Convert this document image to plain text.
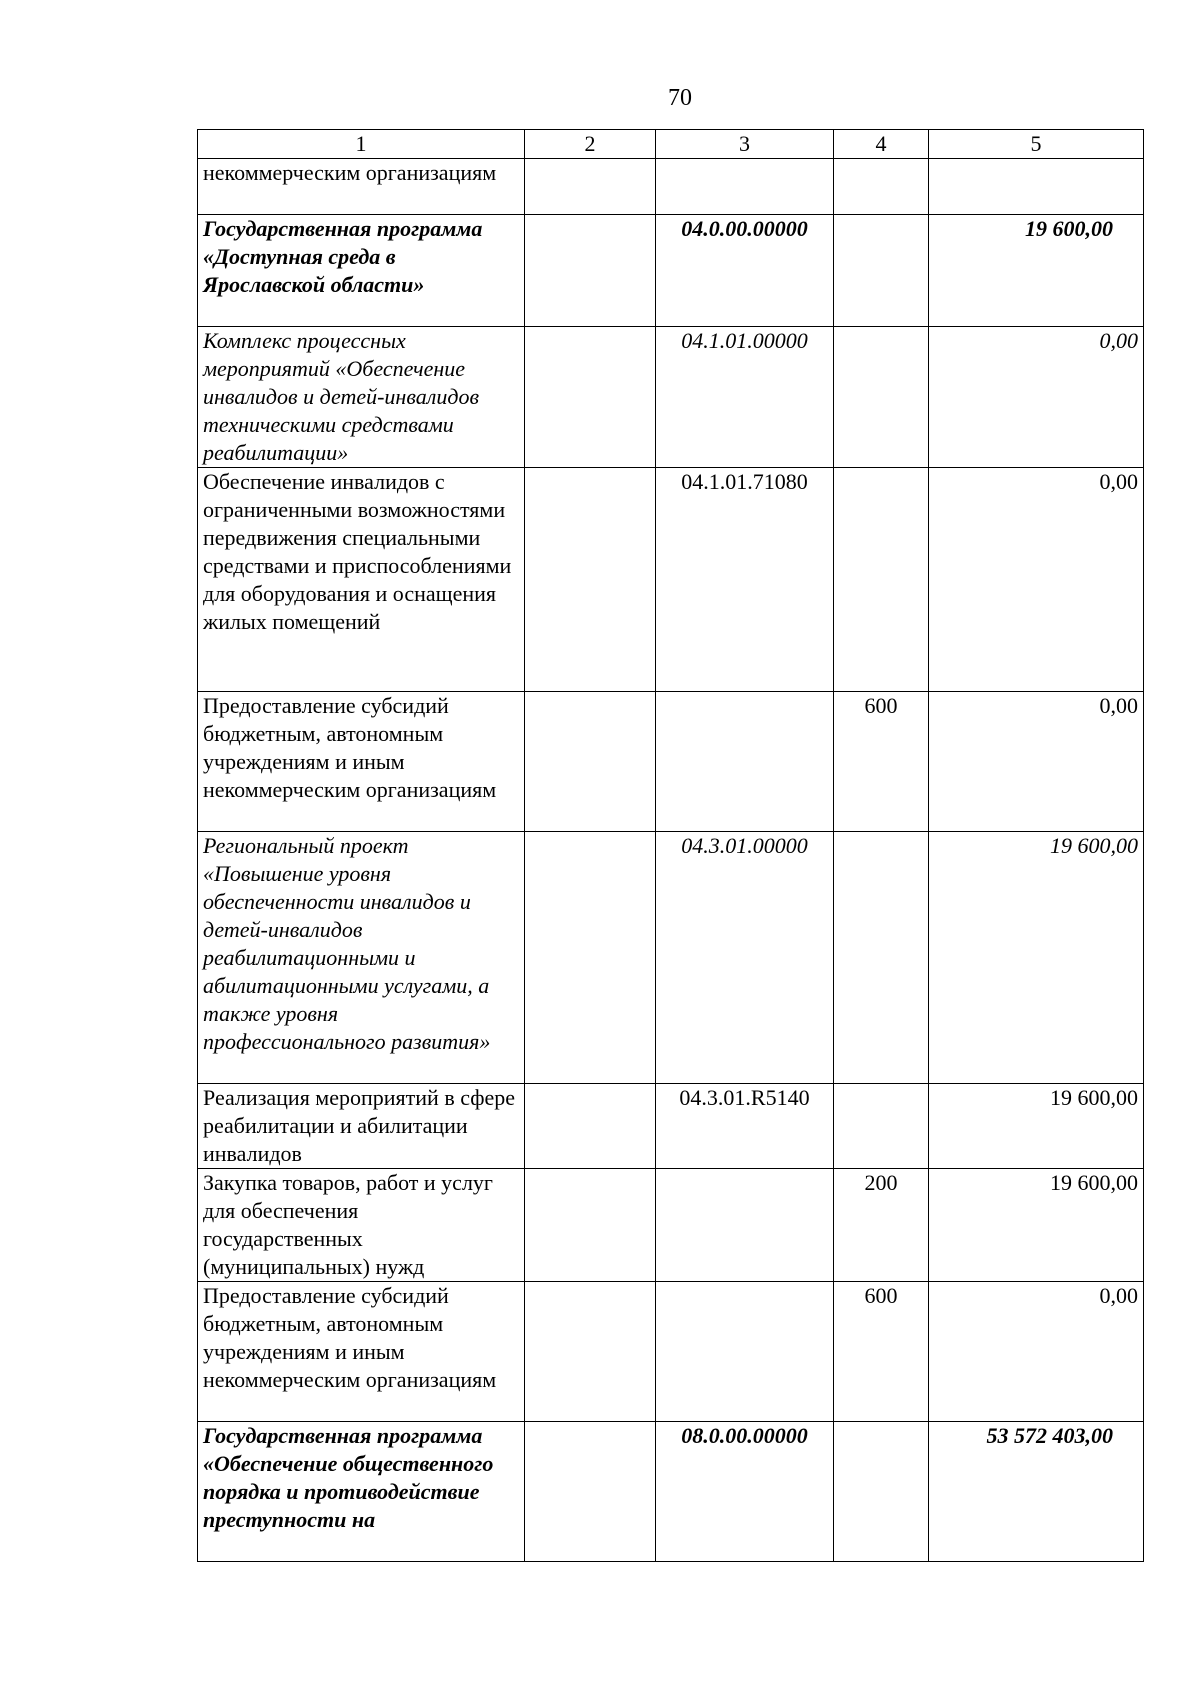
70
1	2	3	4	5
некоммерческим организациям				
Государственная программа «Доступная среда в Ярославской области»		04.0.00.00000		19 600,00
Комплекс процессных мероприятий «Обеспечение инвалидов и детей-инвалидов техническими средствами реабилитации»		04.1.01.00000		0,00
Обеспечение инвалидов с ограниченными возможностями передвижения специальными средствами и приспособлениями для оборудования и оснащения жилых помещений		04.1.01.71080		0,00
Предоставление субсидий бюджетным, автономным учреждениям и иным некоммерческим организациям			600	0,00
Региональный проект «Повышение уровня обеспеченности инвалидов и детей-инвалидов реабилитационными и абилитационными услугами, а также уровня профессионального развития»		04.3.01.00000		19 600,00
Реализация мероприятий в сфере реабилитации и абилитации инвалидов		04.3.01.R5140		19 600,00
Закупка товаров, работ и услуг для обеспечения государственных (муниципальных) нужд			200	19 600,00
Предоставление субсидий бюджетным, автономным учреждениям и иным некоммерческим организациям			600	0,00
Государственная программа «Обеспечение общественного порядка и противодействие преступности на		08.0.00.00000		53 572 403,00
